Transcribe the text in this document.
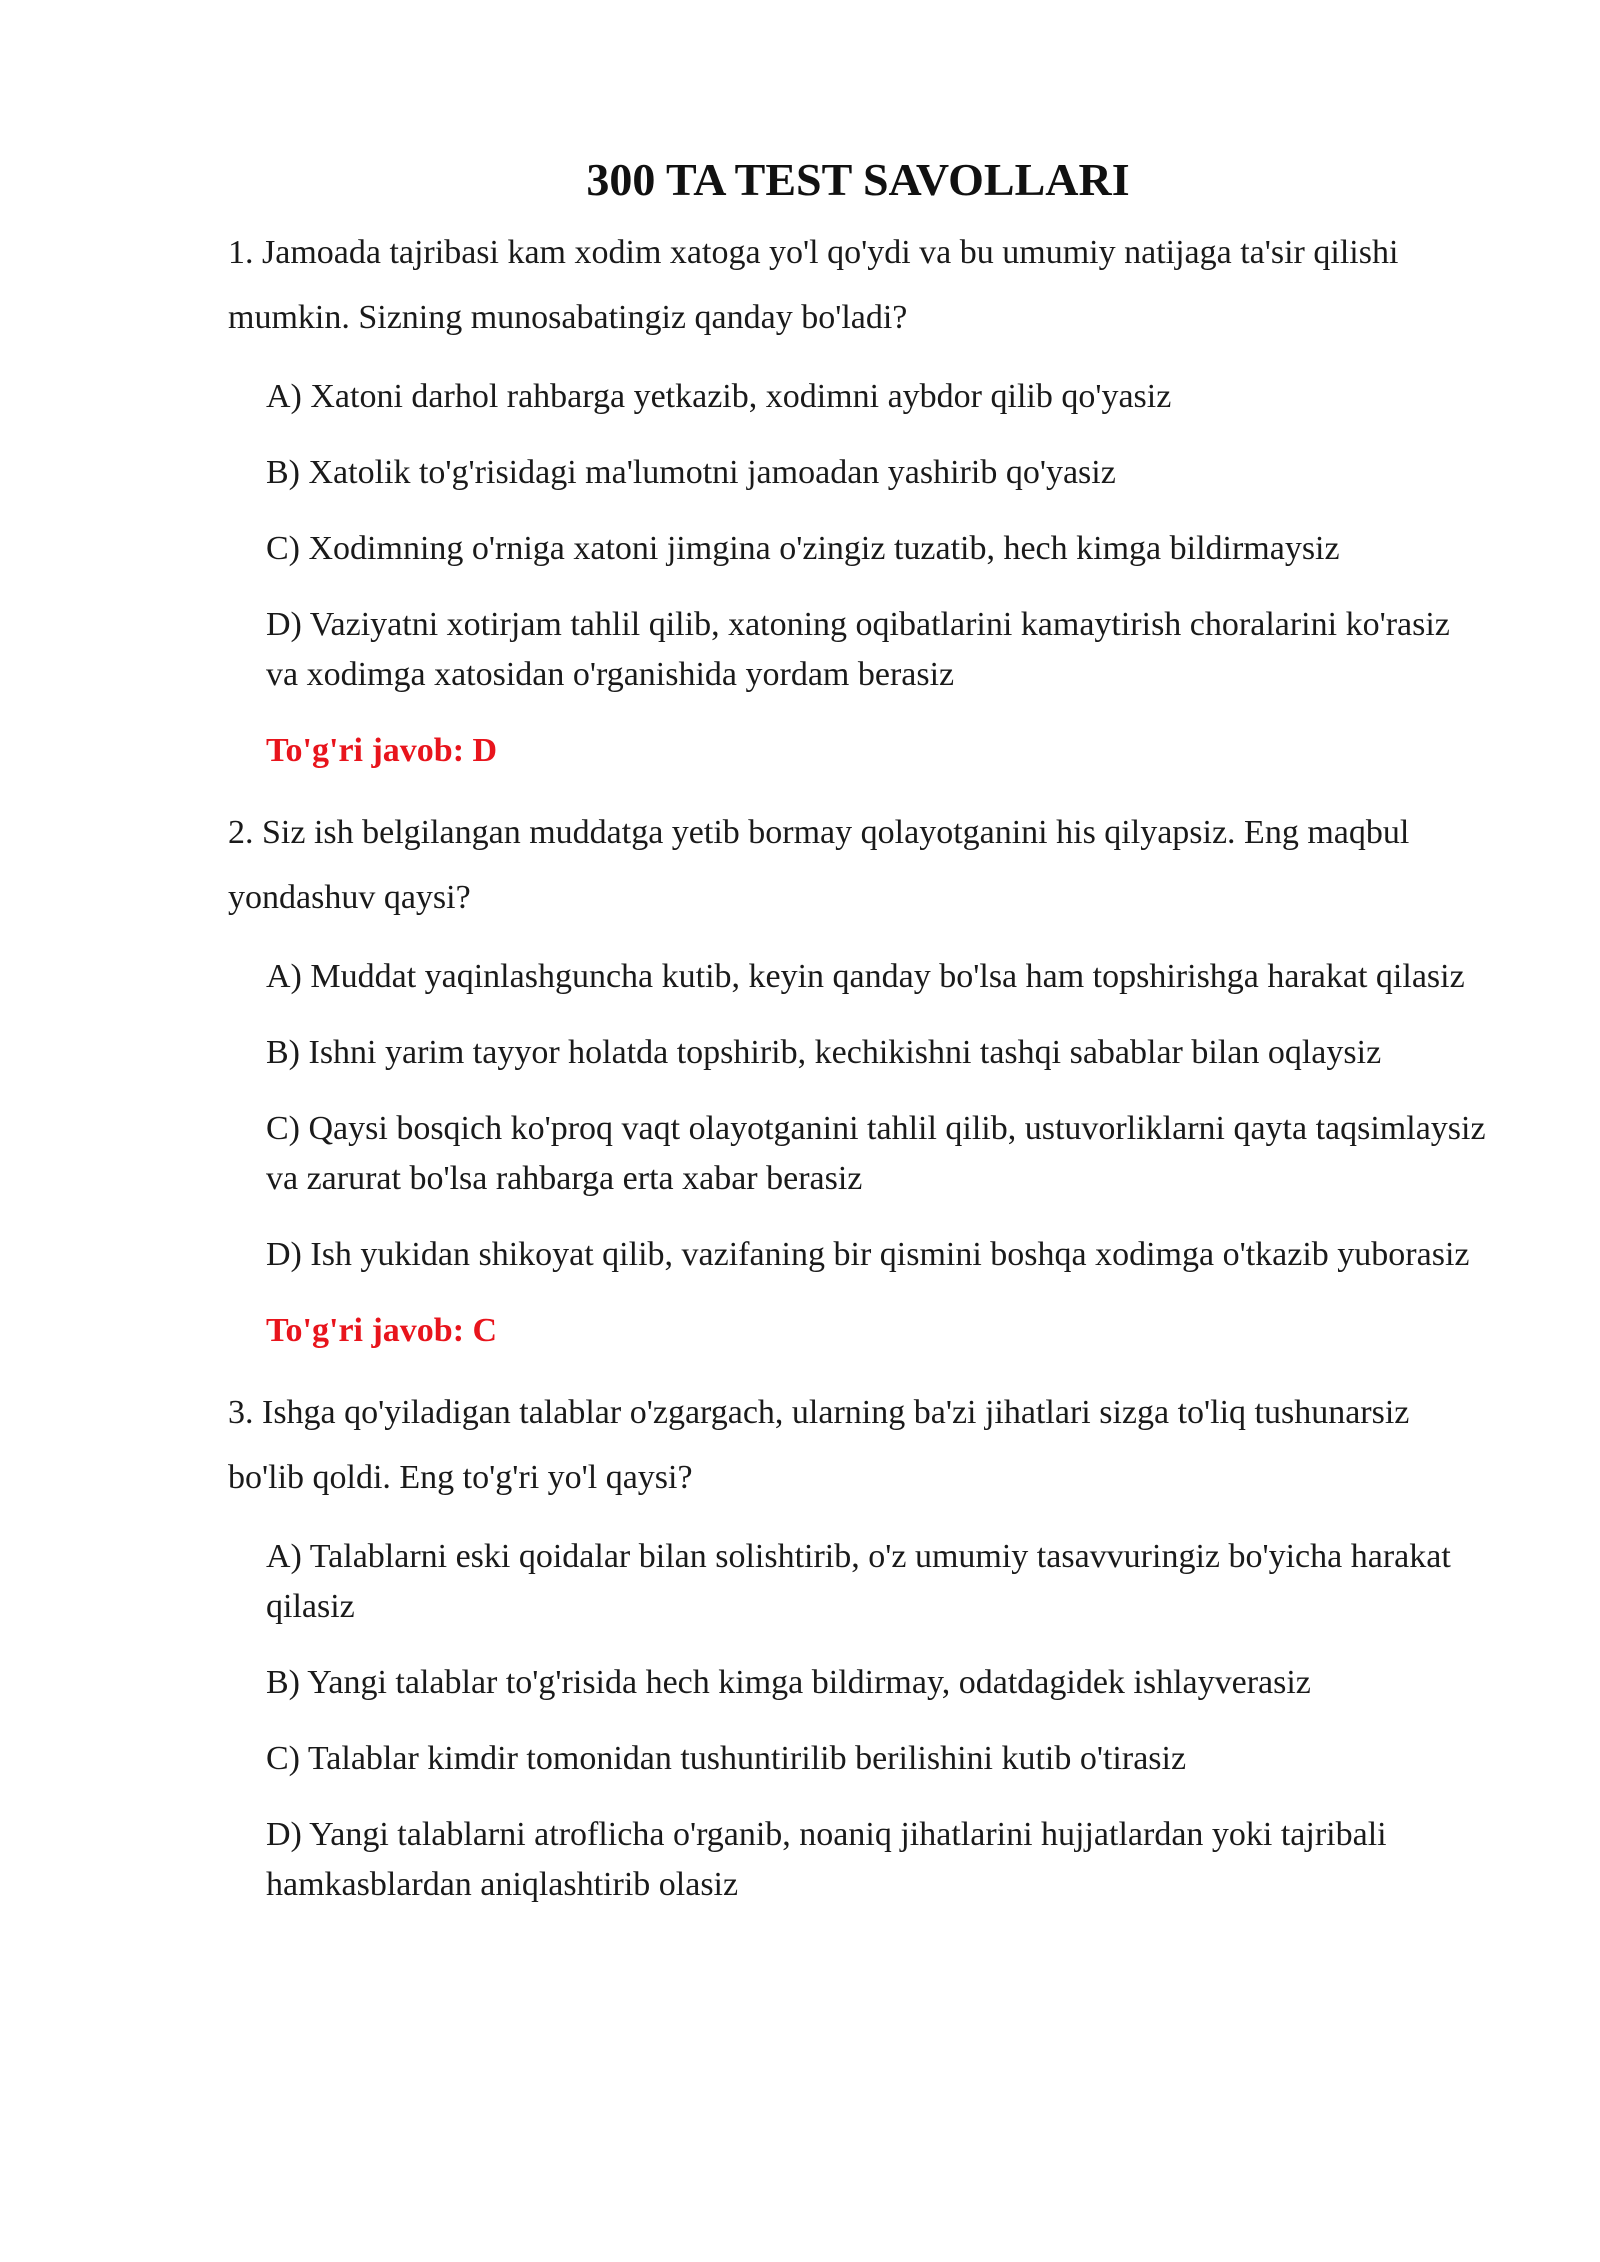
300 TA TEST SAVOLLARI

1. Jamoada tajribasi kam xodim xatoga yo'l qo'ydi va bu umumiy natijaga ta'sir qilishi mumkin. Sizning munosabatingiz qanday bo'ladi?

A) Xatoni darhol rahbarga yetkazib, xodimni aybdor qilib qo'yasiz
B) Xatolik to'g'risidagi ma'lumotni jamoadan yashirib qo'yasiz
C) Xodimning o'rniga xatoni jimgina o'zingiz tuzatib, hech kimga bildirmaysiz
D) Vaziyatni xotirjam tahlil qilib, xatoning oqibatlarini kamaytirish choralarini ko'rasiz va xodimga xatosidan o'rganishida yordam berasiz

To'g'ri javob: D

2. Siz ish belgilangan muddatga yetib bormay qolayotganini his qilyapsiz. Eng maqbul yondashuv qaysi?

A) Muddat yaqinlashguncha kutib, keyin qanday bo'lsa ham topshirishga harakat qilasiz
B) Ishni yarim tayyor holatda topshirib, kechikishni tashqi sabablar bilan oqlaysiz
C) Qaysi bosqich ko'proq vaqt olayotganini tahlil qilib, ustuvorliklarni qayta taqsimlaysiz va zarurat bo'lsa rahbarga erta xabar berasiz
D) Ish yukidan shikoyat qilib, vazifaning bir qismini boshqa xodimga o'tkazib yuborasiz

To'g'ri javob: C

3. Ishga qo'yiladigan talablar o'zgargach, ularning ba'zi jihatlari sizga to'liq tushunarsiz bo'lib qoldi. Eng to'g'ri yo'l qaysi?

A) Talablarni eski qoidalar bilan solishtirib, o'z umumiy tasavvuringiz bo'yicha harakat qilasiz
B) Yangi talablar to'g'risida hech kimga bildirmay, odatdagidek ishlayverasiz
C) Talablar kimdir tomonidan tushuntirilib berilishini kutib o'tirasiz
D) Yangi talablarni atroflicha o'rganib, noaniq jihatlarini hujjatlardan yoki tajribali hamkasblardan aniqlashtirib olasiz
